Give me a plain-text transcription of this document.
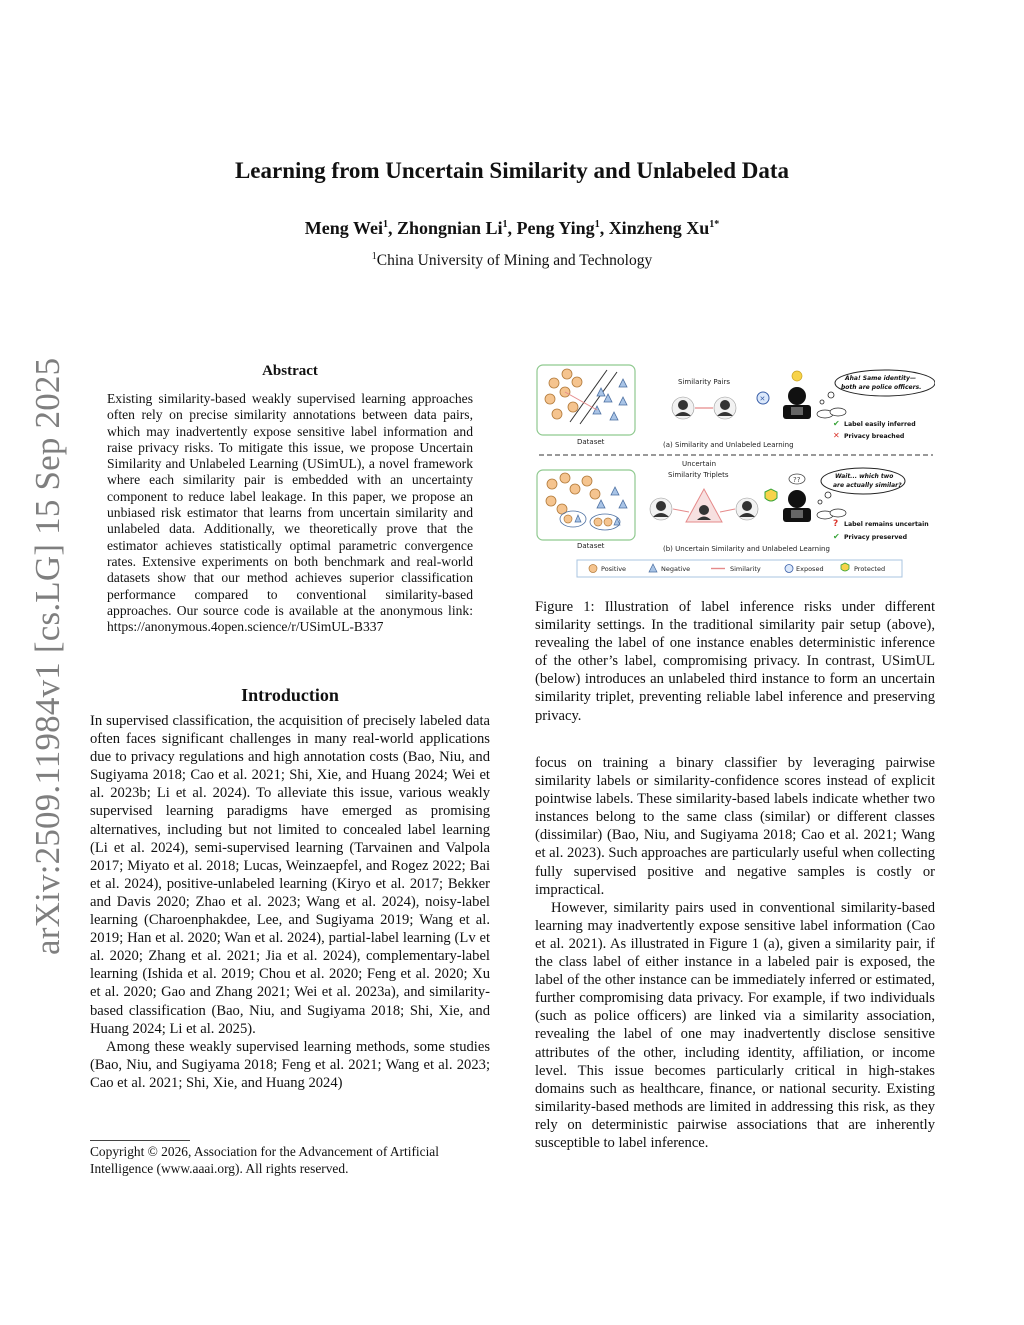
arXiv:2509.11984v1 [cs.LG] 15 Sep 2025
Learning from Uncertain Similarity and Unlabeled Data
Meng Wei$^1$, Zhongnian Li$^1$, Peng Ying$^1$, Xinzheng $Xu^{1*}$
$^1$China University of Mining and Technology
Abstract
Existing similarity-based weakly supervised learning approaches often rely on precise similarity annotations between data pairs, which may inadvertently expose sensitive label information and raise privacy risks. To mitigate this issue, we propose Uncertain Similarity and Unlabeled Learning (USimUL), a novel framework where each similarity pair is embedded with an uncertainty component to reduce label leakage. In this paper, we propose an unbiased risk estimator that learns from uncertain similarity and unlabeled data. Additionally, we theoretically prove that the estimator achieves statistically optimal parametric convergence rates. Extensive experiments on both benchmark and real-world datasets show that our method achieves superior classification performance compared to conventional similarity-based approaches. Our source code is available at the anonymous link: https://anonymous.4open.science/r/USimUL-B337
Introduction

In supervised classification, the acquisition of precisely labeled data often faces significant challenges in many real-world applications due to privacy regulations and high annotation costs (Bao, Niu, and Sugiyama 2018; Cao et al. 2021; Shi, Xie, and Huang 2024; Wei et al. 2023b; Li et al. 2024). To alleviate this issue, various weakly supervised learning paradigms have emerged as promising alternatives, including but not limited to concealed label learning (Li et al. 2024), semi-supervised learning (Tarvainen and Valpola 2017; Miyato et al. 2018; Lucas, Weinzaepfel, and Rogez 2022; Bai et al. 2024), positive-unlabeled learning (Kiryo et al. 2017; Bekker and Davis 2020; Zhao et al. 2023; Wang et al. 2024), noisy-label learning (Charoenphakdee, Lee, and Sugiyama 2019; Wang et al. 2019; Han et al. 2020; Wan et al. 2024), partial-label learning (Lv et al. 2020; Zhang et al. 2021; Jia et al. 2024), complementary-label learning (Ishida et al. 2019; Chou et al. 2020; Feng et al. 2020; Xu et al. 2020; Gao and Zhang 2021; Wei et al. 2023a), and similarity-based classification (Bao, Niu, and Sugiyama 2018; Shi, Xie, and Huang 2024; Li et al. 2025).

Among these weakly supervised learning methods, some studies (Bao, Niu, and Sugiyama 2018; Feng et al. 2021; Wang et al. 2023; Cao et al. 2021; Shi, Xie, and Huang 2024)

Copyright © 2026, Association for the Advancement of Artificial Intelligence (www.aaai.org). All rights reserved.
Dataset
Similarity Pairs
✕
Aha! Same identity—
both are police officers.
✔ Label easily inferred
✕ Privacy breached
(a) Similarity and Unlabeled Learning
Dataset
Uncertain
Similarity Triplets
??	Wait... which two
are actually similar?
? Label remains uncertain
✔ Privacy preserved
(b) Uncertain Similarity and Unlabeled Learning
Positive	Negative	Similarity	Exposed	Protected
Figure 1: Illustration of label inference risks under different similarity settings. In the traditional similarity pair setup (above), revealing the label of one instance enables deterministic inference of the other’s label, compromising privacy. In contrast, USimUL (below) introduces an unlabeled third instance to form an uncertain similarity triplet, preventing reliable label inference and preserving privacy.

focus on training a binary classifier by leveraging pairwise similarity labels or similarity-confidence scores instead of explicit pointwise labels. These similarity-based labels indicate whether two instances belong to the same class (similar) or different classes (dissimilar) (Bao, Niu, and Sugiyama 2018; Cao et al. 2021; Wang et al. 2023). Such approaches are particularly useful when collecting fully supervised positive and negative samples is costly or impractical.

However, similarity pairs used in conventional similarity-based learning may inadvertently expose sensitive label information (Cao et al. 2021). As illustrated in Figure 1 (a), given a similarity pair, if the class label of either instance in a labeled pair is exposed, the label of the other instance can be immediately inferred or estimated, further compromising data privacy. For example, if two individuals (such as police officers) are linked via a similarity association, revealing the label of one may inadvertently disclose sensitive attributes of the other, including identity, affiliation, or income level. This issue becomes particularly critical in high-stakes domains such as healthcare, finance, or national security. Existing similarity-based methods are limited in addressing this risk, as they rely on deterministic pairwise associations that are inherently susceptible to label inference.
